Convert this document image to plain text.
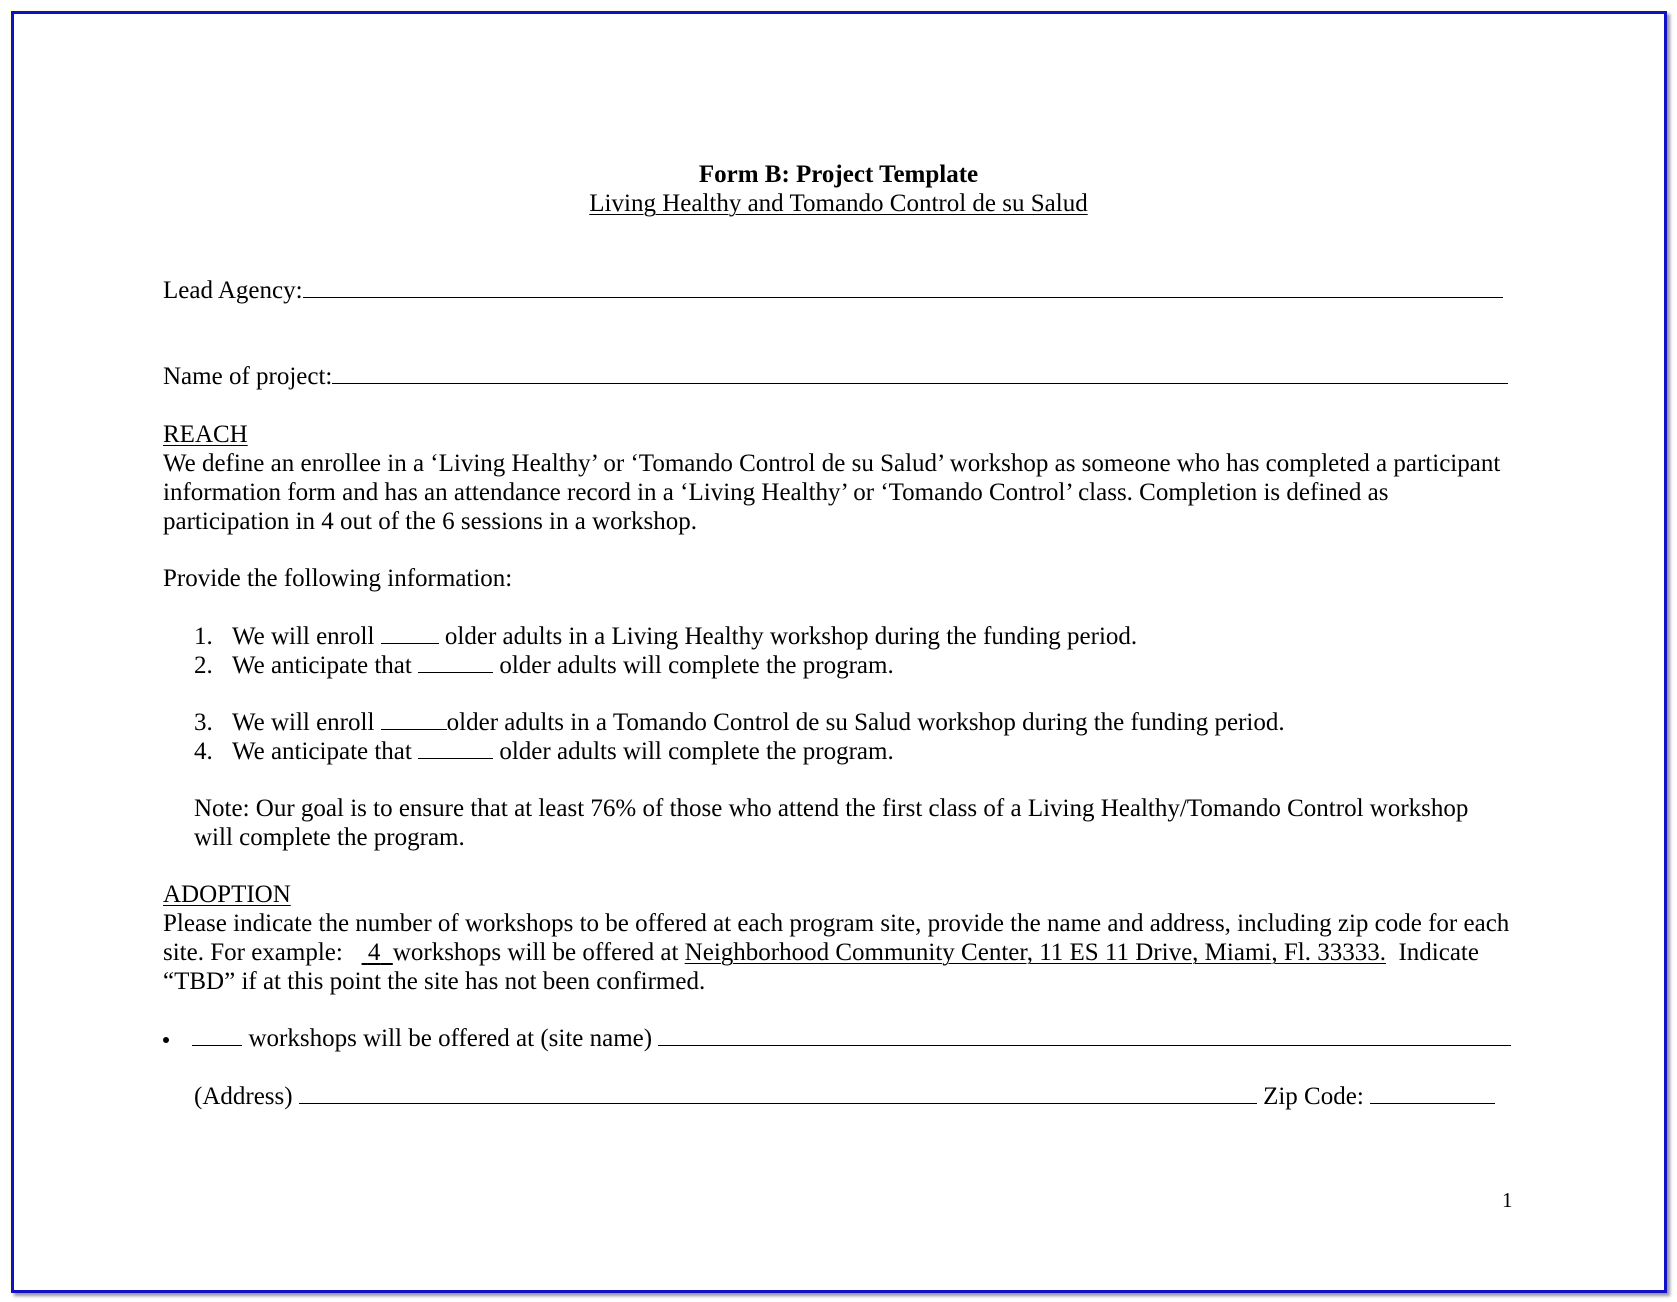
Form B: Project Template
Living Healthy and Tomando Control de su Salud
Lead Agency:
Name of project:
REACH
We define an enrollee in a ‘Living Healthy’ or ‘Tomando Control de su Salud’ workshop as someone who has completed a participant
information form and has an attendance record in a ‘Living Healthy’ or ‘Tomando Control’ class. Completion is defined as
participation in 4 out of the 6 sessions in a workshop.
Provide the following information:
1. We will enroll	older adults in a Living Healthy workshop during the funding period.
2. We anticipate that	older adults will complete the program.
3. We will enroll	older adults in a Tomando Control de su Salud workshop during the funding period.
4. We anticipate that	older adults will complete the program.
Note: Our goal is to ensure that at least 76% of those who attend the first class of a Living Healthy/Tomando Control workshop
will complete the program.
ADOPTION
Please indicate the number of workshops to be offered at each program site, provide the name and address, including zip code for each
site. For example: 4 workshops will be offered at Neighborhood Community Center, 11 ES 11 Drive, Miami, Fl. 33333. Indicate
“TBD” if at this point the site has not been confirmed.
workshops will be offered at (site name)
(Address)	Zip Code:
1
